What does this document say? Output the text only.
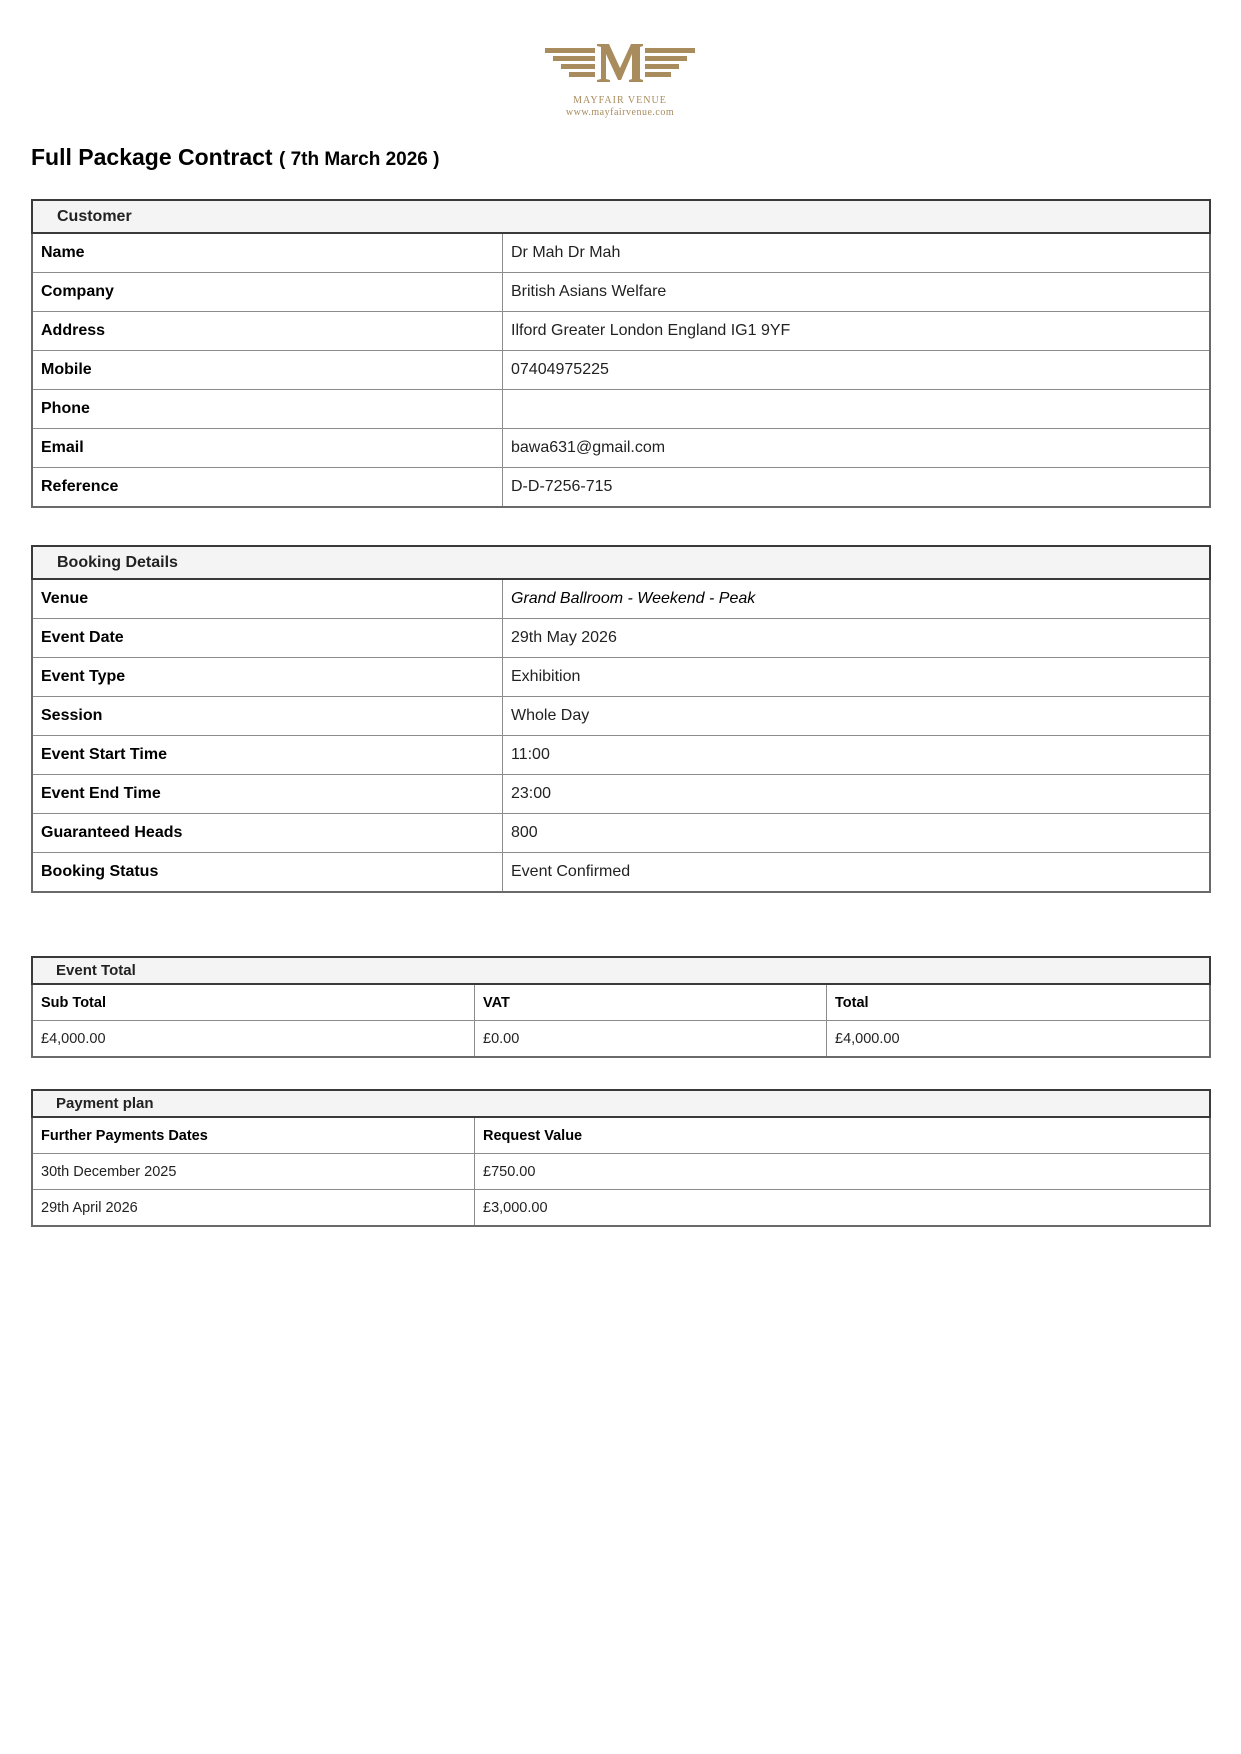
MAYFAIR VENUE
www.mayfairvenue.com
Full Package Contract ( 7th March 2026 )
Customer	
Name	Dr Mah Dr Mah
Company	British Asians Welfare
Address	Ilford Greater London England IG1 9YF
Mobile	07404975225
Phone	
Email	bawa631@gmail.com
Reference	D-D-7256-715
Booking Details	
Venue	Grand Ballroom - Weekend - Peak
Event Date	29th May 2026
Event Type	Exhibition
Session	Whole Day
Event Start Time	11:00
Event End Time	23:00
Guaranteed Heads	800
Booking Status	Event Confirmed
Event Total		
Sub Total	VAT	Total
£4,000.00	£0.00	£4,000.00
Payment plan	
Further Payments Dates	Request Value
30th December 2025	£750.00
29th April 2026	£3,000.00
